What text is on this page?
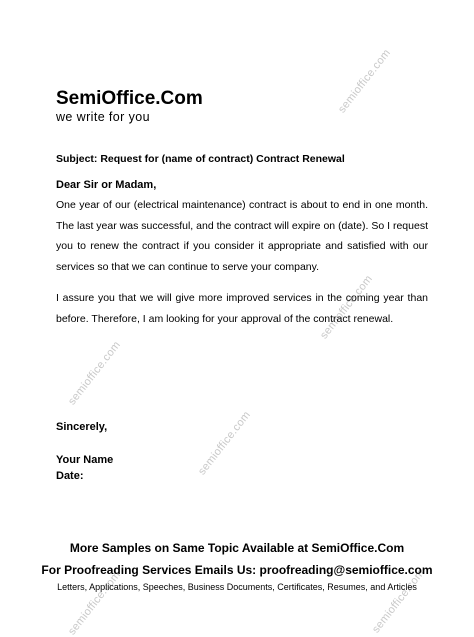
semioffice.com
semioffice.com
semioffice.com
semioffice.com
semioffice.com	semioffice.com
SemiOffice.Com
we write for you
Subject: Request for (name of contract) Contract Renewal
Dear Sir or Madam,

One year of our (electrical maintenance) contract is about to end in one month. The last year was successful, and the contract will expire on (date). So I request you to renew the contract if you consider it appropriate and satisfied with our services so that we can continue to serve your company.

I assure you that we will give more improved services in the coming year than before. Therefore, I am looking for your approval of the contract renewal.

Sincerely,
Your Name
Date:
More Samples on Same Topic Available at SemiOffice.Com
For Proofreading Services Emails Us: proofreading@semioffice.com
Letters, Applications, Speeches, Business Documents, Certificates, Resumes, and Articles
